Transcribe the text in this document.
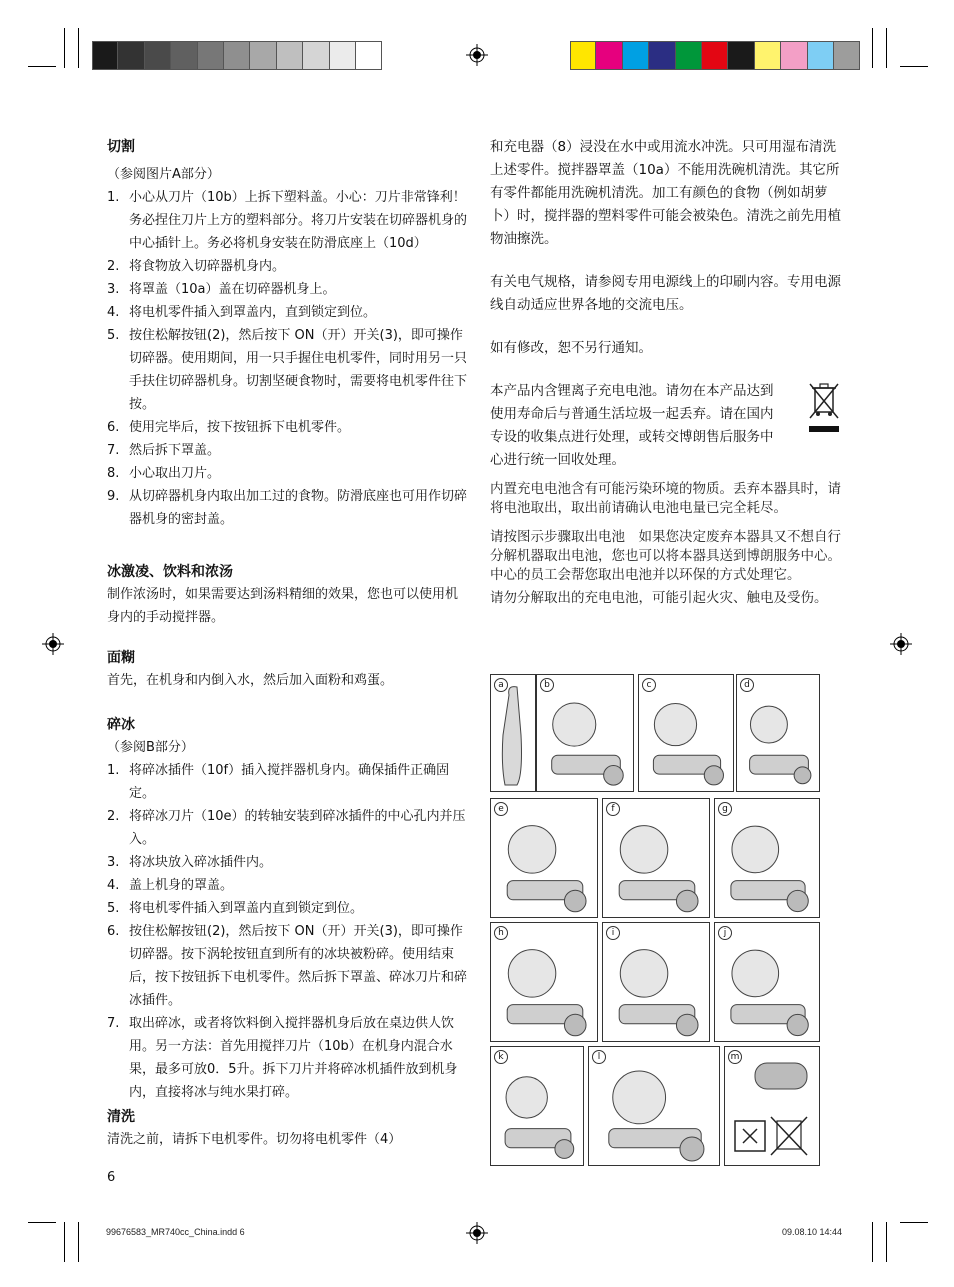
切割

（参阅图片A部分）

1. 小心从刀片（10b）上拆下塑料盖。小心：刀片非常锋利！务必捏住刀片上方的塑料部分。将刀片安装在切碎器机身的中心插针上。务必将机身安装在防滑底座上（10d）
2. 将食物放入切碎器机身内。
3. 将罩盖（10a）盖在切碎器机身上。
4. 将电机零件插入到罩盖内，直到锁定到位。
5. 按住松解按钮(2)，然后按下 ON（开）开关(3)，即可操作切碎器。使用期间，用一只手握住电机零件，同时用另一只手扶住切碎器机身。切割坚硬食物时，需要将电机零件往下按。
6. 使用完毕后，按下按钮拆下电机零件。
7. 然后拆下罩盖。
8. 小心取出刀片。
9. 从切碎器机身内取出加工过的食物。防滑底座也可用作切碎器机身的密封盖。
冰激凌、饮料和浓汤

制作浓汤时，如果需要达到汤料精细的效果，您也可以使用机身内的手动搅拌器。

面糊

首先，在机身和内倒入水，然后加入面粉和鸡蛋。

碎冰

（参阅B部分）

1. 将碎冰插件（10f）插入搅拌器机身内。确保插件正确固定。
2. 将碎冰刀片（10e）的转轴安装到碎冰插件的中心孔内并压入。
3. 将冰块放入碎冰插件内。
4. 盖上机身的罩盖。
5. 将电机零件插入到罩盖内直到锁定到位。
6. 按住松解按钮(2)，然后按下 ON（开）开关(3)，即可操作切碎器。按下涡轮按钮直到所有的冰块被粉碎。使用结束后，按下按钮拆下电机零件。然后拆下罩盖、碎冰刀片和碎冰插件。
7. 取出碎冰，或者将饮料倒入搅拌器机身后放在桌边供人饮用。另一方法：首先用搅拌刀片（10b）在机身内混合水果，最多可放0．5升。拆下刀片并将碎冰机插件放到机身内，直接将冰与纯水果打碎。
清洗

清洗之前，请拆下电机零件。切勿将电机零件（4）

6

和充电器（8）浸没在水中或用流水冲洗。只可用湿布清洗上述零件。搅拌器罩盖（10a）不能用洗碗机清洗。其它所有零件都能用洗碗机清洗。加工有颜色的食物（例如胡萝卜）时，搅拌器的塑料零件可能会被染色。清洗之前先用植物油擦洗。

有关电气规格，请参阅专用电源线上的印刷内容。专用电源线自动适应世界各地的交流电压。

如有修改，恕不另行通知。

本产品内含锂离子充电电池。请勿在本产品达到使用寿命后与普通生活垃圾一起丢弃。请在国内专设的收集点进行处理，或转交博朗售后服务中心进行统一回收处理。

内置充电电池含有可能污染环境的物质。丢弃本器具时，请将电池取出，取出前请确认电池电量已完全耗尽。

请按图示步骤取出电池　如果您决定废弃本器具又不想自行分解机器取出电池，您也可以将本器具送到博朗服务中心。

中心的员工会帮您取出电池并以环保的方式处理它。

请勿分解取出的充电电池，可能引起火灾、触电及受伤。

a	b	c	d
e	f	g
h	i	j
k	l	m
99676583_MR740cc_China.indd 6	09.08.10 14:44
